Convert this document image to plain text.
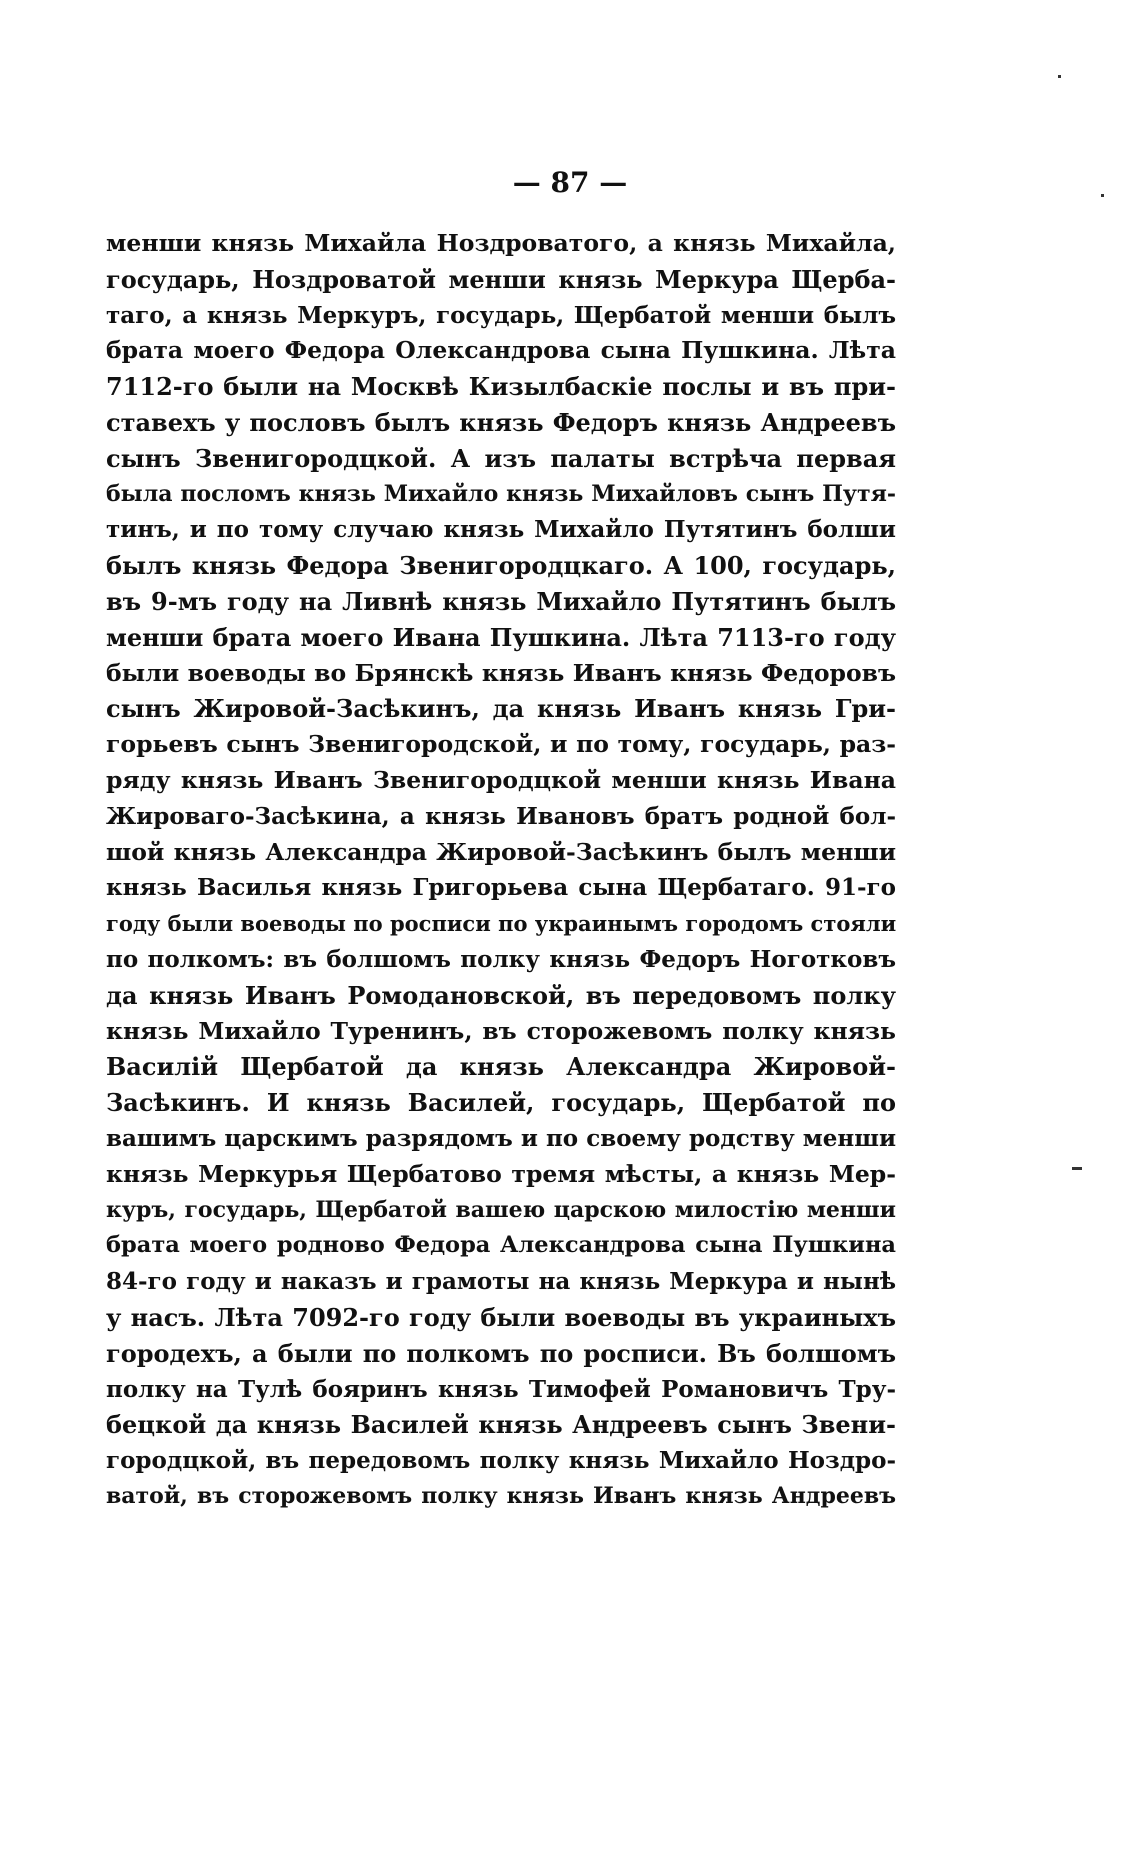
— 87 —
менши князь Михайла Ноздроватого, а князь Михайла,
государь, Ноздроватой менши князь Меркура Щерба-
таго, а князь Меркуръ, государь, Щербатой менши былъ
брата моего Федора Олександрова сына Пушкина. Лѣта
7112-го были на Москвѣ Кизылбаскіе послы и въ при-
ставехъ у пословъ былъ князь Федоръ князь Андреевъ
сынъ Звенигородцкой. А изъ палаты встрѣча первая
была посломъ князь Михайло князь Михайловъ сынъ Путя-
тинъ, и по тому случаю князь Михайло Путятинъ болши
былъ князь Федора Звенигородцкаго. А 100, государь,
въ 9-мъ году на Ливнѣ князь Михайло Путятинъ былъ
менши брата моего Ивана Пушкина. Лѣта 7113-го году
были воеводы во Брянскѣ князь Иванъ князь Федоровъ
сынъ Жировой-Засѣкинъ, да князь Иванъ князь Гри-
горьевъ сынъ Звенигородской, и по тому, государь, раз-
ряду князь Иванъ Звенигородцкой менши князь Ивана
Жироваго-Засѣкина, а князь Ивановъ братъ родной бол-
шой князь Александра Жировой-Засѣкинъ былъ менши
князь Василья князь Григорьева сына Щербатаго. 91-го
году были воеводы по росписи по украинымъ городомъ стояли
по полкомъ: въ болшомъ полку князь Федоръ Ноготковъ
да князь Иванъ Ромодановской, въ передовомъ полку
князь Михайло Туренинъ, въ сторожевомъ полку князь
Василій Щербатой да князь Александра Жировой-
Засѣкинъ. И князь Василей, государь, Щербатой по
вашимъ царскимъ разрядомъ и по своему родству менши
князь Меркурья Щербатово тремя мѣсты, а князь Мер-
куръ, государь, Щербатой вашею царскою милостію менши
брата моего родново Федора Александрова сына Пушкина
84-го году и наказъ и грамоты на князь Меркура и нынѣ
у насъ. Лѣта 7092-го году были воеводы въ украиныхъ
городехъ, а были по полкомъ по росписи. Въ болшомъ
полку на Тулѣ бояринъ князь Тимофей Романовичъ Тру-
бецкой да князь Василей князь Андреевъ сынъ Звени-
городцкой, въ передовомъ полку князь Михайло Ноздро-
ватой, въ сторожевомъ полку князь Иванъ князь Андреевъ
